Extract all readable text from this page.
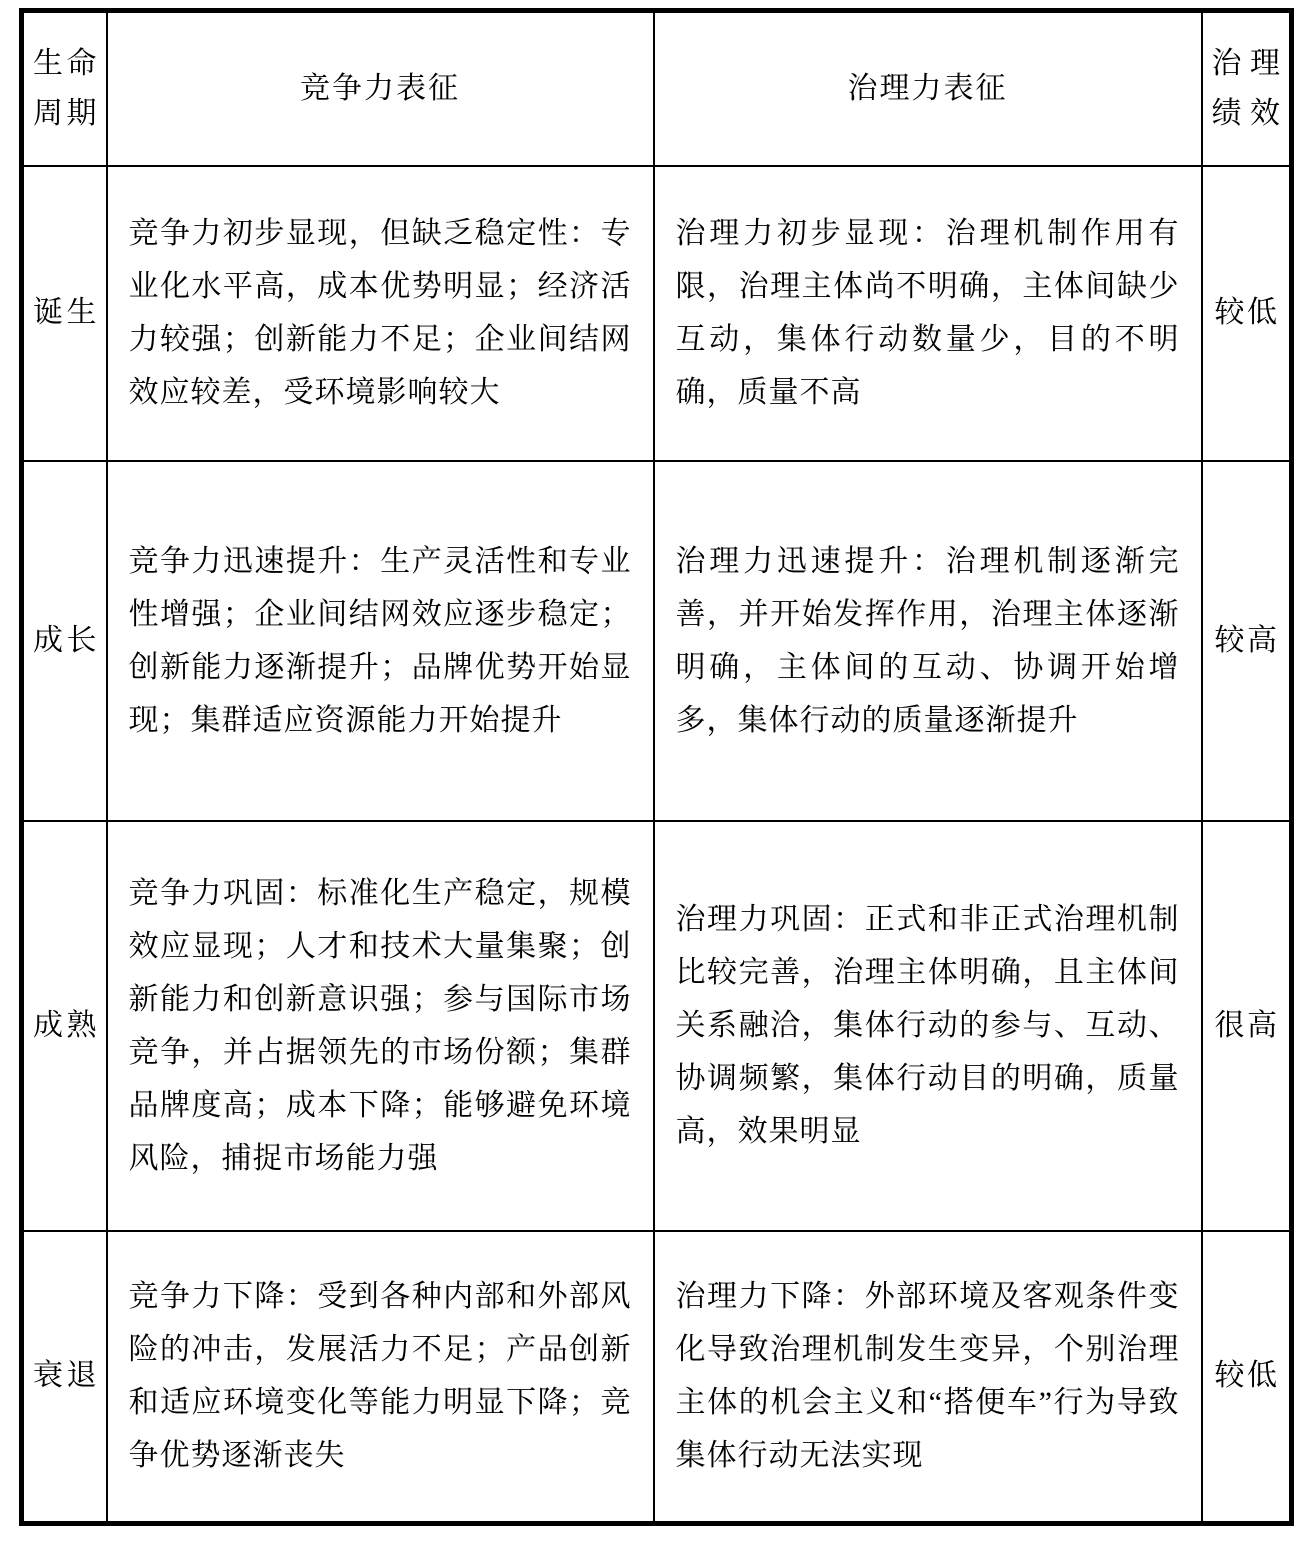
生命周期	竞争力表征	治理力表征	治理绩效
诞生	竞争力初步显现，但缺乏稳定性：专业化水平高，成本优势明显；经济活力较强；创新能力不足；企业间结网效应较差，受环境影响较大	治理力初步显现：治理机制作用有限，治理主体尚不明确，主体间缺少互动，集体行动数量少，目的不明确，质量不高	较低
成长	竞争力迅速提升：生产灵活性和专业性增强；企业间结网效应逐步稳定；创新能力逐渐提升；品牌优势开始显现；集群适应资源能力开始提升	治理力迅速提升：治理机制逐渐完善，并开始发挥作用，治理主体逐渐明确，主体间的互动、协调开始增多，集体行动的质量逐渐提升	较高
成熟	竞争力巩固：标准化生产稳定，规模效应显现；人才和技术大量集聚；创新能力和创新意识强；参与国际市场竞争，并占据领先的市场份额；集群品牌度高；成本下降；能够避免环境风险，捕捉市场能力强	治理力巩固：正式和非正式治理机制比较完善，治理主体明确，且主体间关系融洽，集体行动的参与、互动、协调频繁，集体行动目的明确，质量高，效果明显	很高
衰退	竞争力下降：受到各种内部和外部风险的冲击，发展活力不足；产品创新和适应环境变化等能力明显下降；竞争优势逐渐丧失	治理力下降：外部环境及客观条件变化导致治理机制发生变异，个别治理主体的机会主义和“搭便车”行为导致集体行动无法实现	较低
